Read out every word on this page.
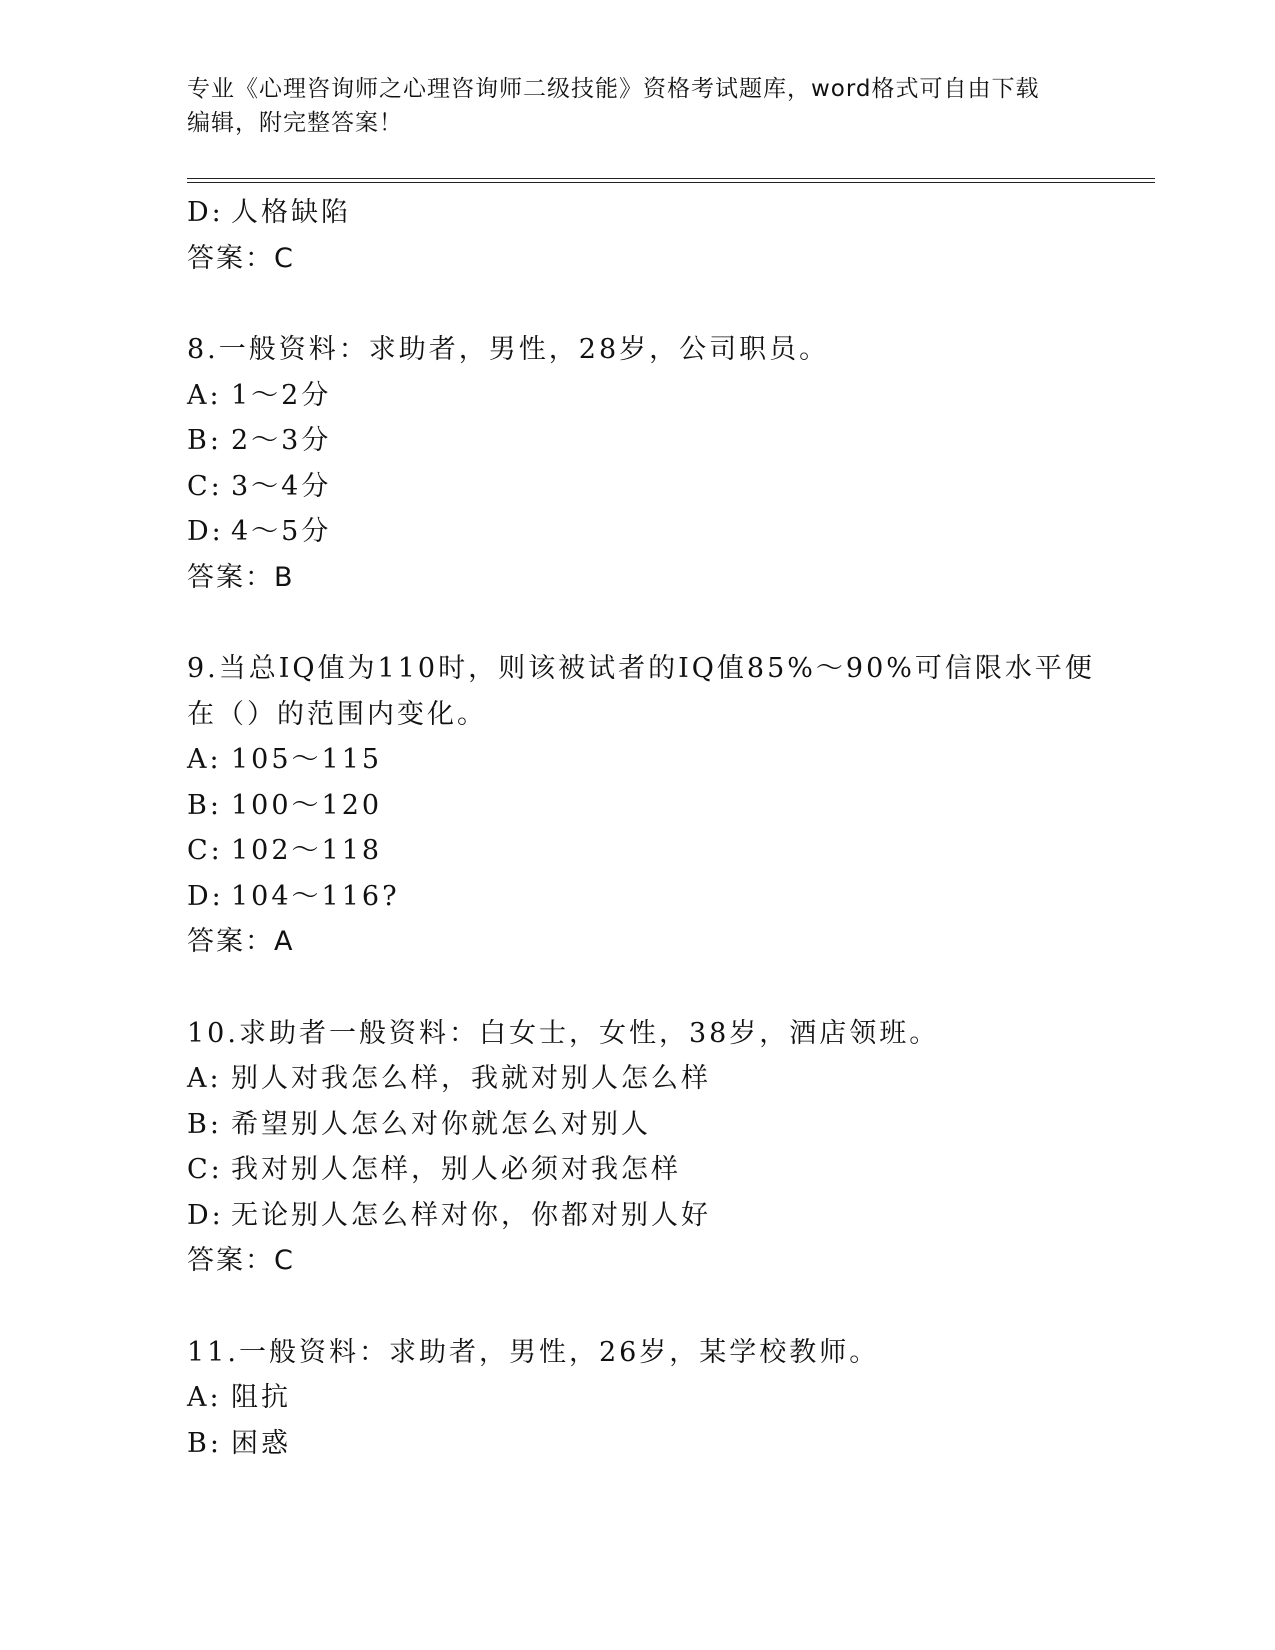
专业《心理咨询师之心理咨询师二级技能》资格考试题库，word格式可自由下载
编辑，附完整答案！
D: 人格缺陷
答案：C
8.一般资料：求助者，男性，28岁，公司职员。
A: 1～2分
B: 2～3分
C: 3～4分
D: 4～5分
答案：B
9.当总IQ值为110时，则该被试者的IQ值85%～90%可信限水平便
在（）的范围内变化。
A: 105～115
B: 100～120
C: 102～118
D: 104～116?
答案：A
10.求助者一般资料：白女士，女性，38岁，酒店领班。
A: 别人对我怎么样，我就对别人怎么样
B: 希望别人怎么对你就怎么对别人
C: 我对别人怎样，别人必须对我怎样
D: 无论别人怎么样对你，你都对别人好
答案：C
11.一般资料：求助者，男性，26岁，某学校教师。
A: 阻抗
B: 困惑
